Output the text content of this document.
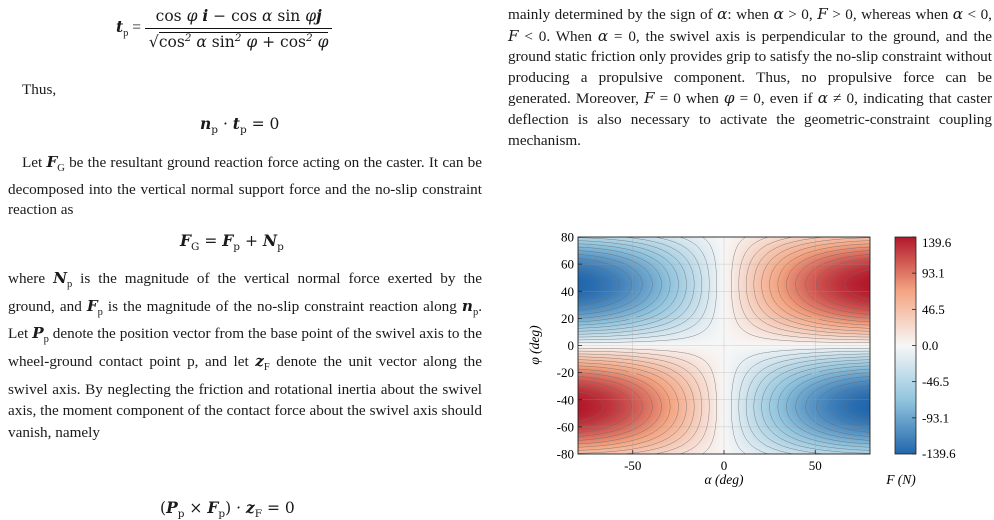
$t_p = \frac{\text{cos φ i − cos α sin φj}}{√\cos^2 \alpha \sin^2 \varphi + \cos^2 \varphi}$

Thus,

$n_p \cdot t_p = 0$

Let $F_G$ be the resultant ground reaction force acting on the caster. It can be decomposed into the vertical normal support force and the no-slip constraint reaction as

$F_G = F_p + N_p$

where $N_p$ is the magnitude of the vertical normal force exerted by the ground, and $F_p$ is the magnitude of the no-slip constraint reaction along $n_p$. Let $P_p$ denote the position vector from the base point of the swivel axis to the wheel-ground contact point p, and let $z_F$ denote the unit vector along the swivel axis. By neglecting the friction and rotational inertia about the swivel axis, the moment component of the contact force about the swivel axis should vanish, namely

$(P_p \times F_p) \cdot z_F = 0$

mainly determined by the sign of α: when α > 0, F > 0, whereas when α < 0, F < 0. When α = 0, the swivel axis is perpendicular to the ground, and the ground static friction only provides grip to satisfy the no-slip constraint without producing a propulsive component. Thus, no propulsive force can be generated. Moreover, F = 0 when φ = 0, even if α ≠ 0, indicating that caster deflection is also necessary to activate the geometric-constraint coupling mechanism.

-50	0	50
80
60
40
20
0
-20
-40
-60
-80
α (deg)
φ (deg)
139.6
93.1
46.5
0.0
-46.5
-93.1
-139.6
F (N)
